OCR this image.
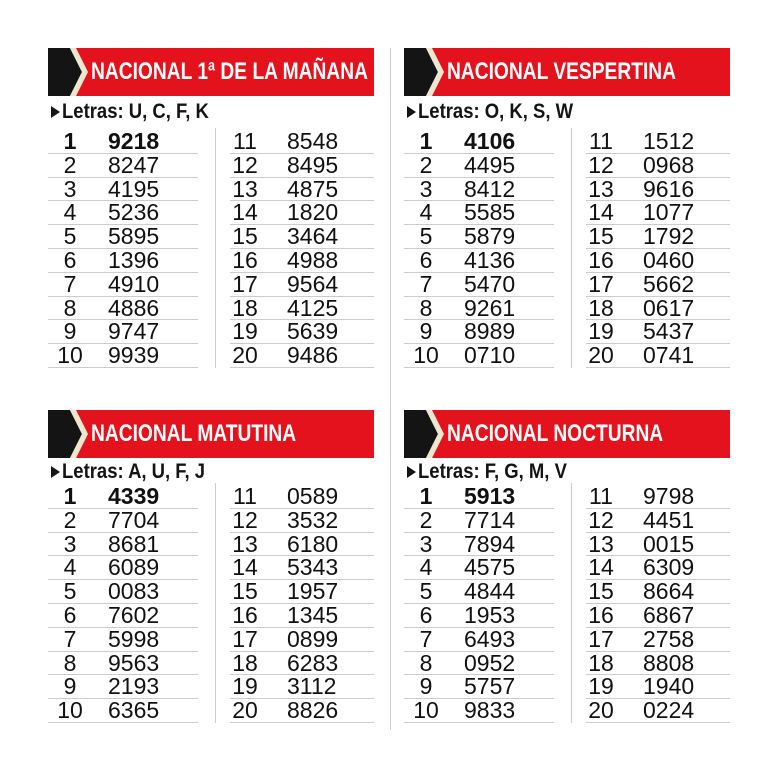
NACIONAL 1ª DE LA MAÑANA
Letras: U, C, F, K
1	9218
2	8247
3	4195
4	5236
5	5895
6	1396
7	4910
8	4886
9	9747
10	9939
11 8548
12 8495
13 4875
14 1820
15 3464
16 4988
17 9564
18 4125
19 5639
20 9486
NACIONAL VESPERTINA
Letras: O, K, S, W
1	4106
2	4495
3	8412
4	5585
5	5879
6	4136
7	5470
8	9261
9	8989
10	0710
11 1512
12 0968
13 9616
14 1077
15 1792
16 0460
17 5662
18 0617
19 5437
20 0741
NACIONAL MATUTINA
Letras: A, U, F, J
1	4339
2	7704
3	8681
4	6089
5	0083
6	7602
7	5998
8	9563
9	2193
10	6365
11 0589
12 3532
13 6180
14 5343
15 1957
16 1345
17 0899
18 6283
19 3112
20 8826
NACIONAL NOCTURNA
Letras: F, G, M, V
1	5913
2	7714
3	7894
4	4575
5	4844
6	1953
7	6493
8	0952
9	5757
10	9833
11 9798
12 4451
13 0015
14 6309
15 8664
16 6867
17 2758
18 8808
19 1940
20 0224
